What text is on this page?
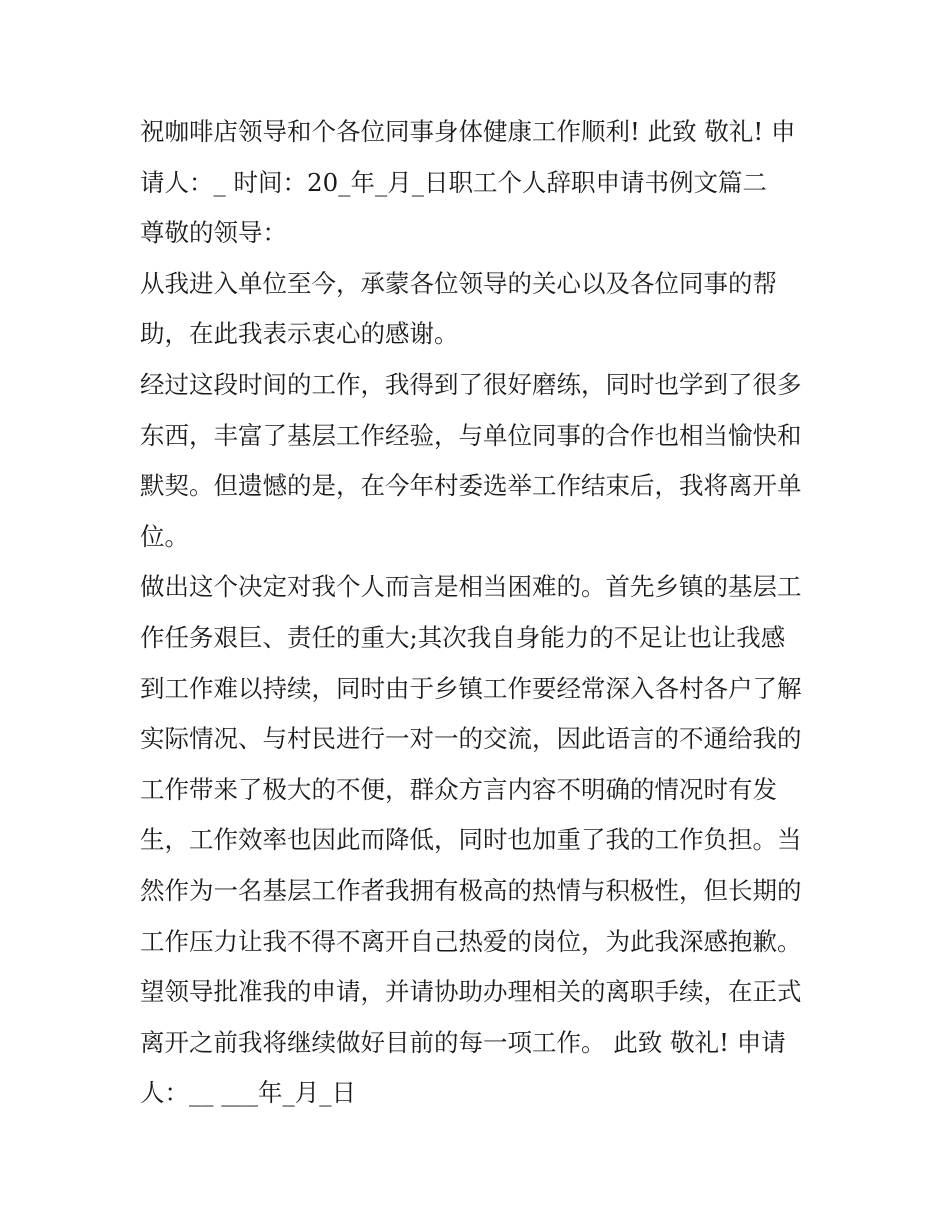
祝咖啡店领导和个各位同事身体健康工作顺利! 此致 敬礼! 申
请人：_ 时间：20_年_月_日职工个人辞职申请书例文篇二
尊敬的领导：
从我进入单位至今，承蒙各位领导的关心以及各位同事的帮
助，在此我表示衷心的感谢。
经过这段时间的工作，我得到了很好磨练，同时也学到了很多
东西，丰富了基层工作经验，与单位同事的合作也相当愉快和
默契。但遗憾的是，在今年村委选举工作结束后，我将离开单
位。
做出这个决定对我个人而言是相当困难的。首先乡镇的基层工
作任务艰巨、责任的重大;其次我自身能力的不足让也让我感
到工作难以持续，同时由于乡镇工作要经常深入各村各户了解
实际情况、与村民进行一对一的交流，因此语言的不通给我的
工作带来了极大的不便，群众方言内容不明确的情况时有发
生，工作效率也因此而降低，同时也加重了我的工作负担。当
然作为一名基层工作者我拥有极高的热情与积极性，但长期的
工作压力让我不得不离开自己热爱的岗位，为此我深感抱歉。
望领导批准我的申请，并请协助办理相关的离职手续，在正式
离开之前我将继续做好目前的每一项工作。 此致 敬礼! 申请
人：__ ___年_月_日
